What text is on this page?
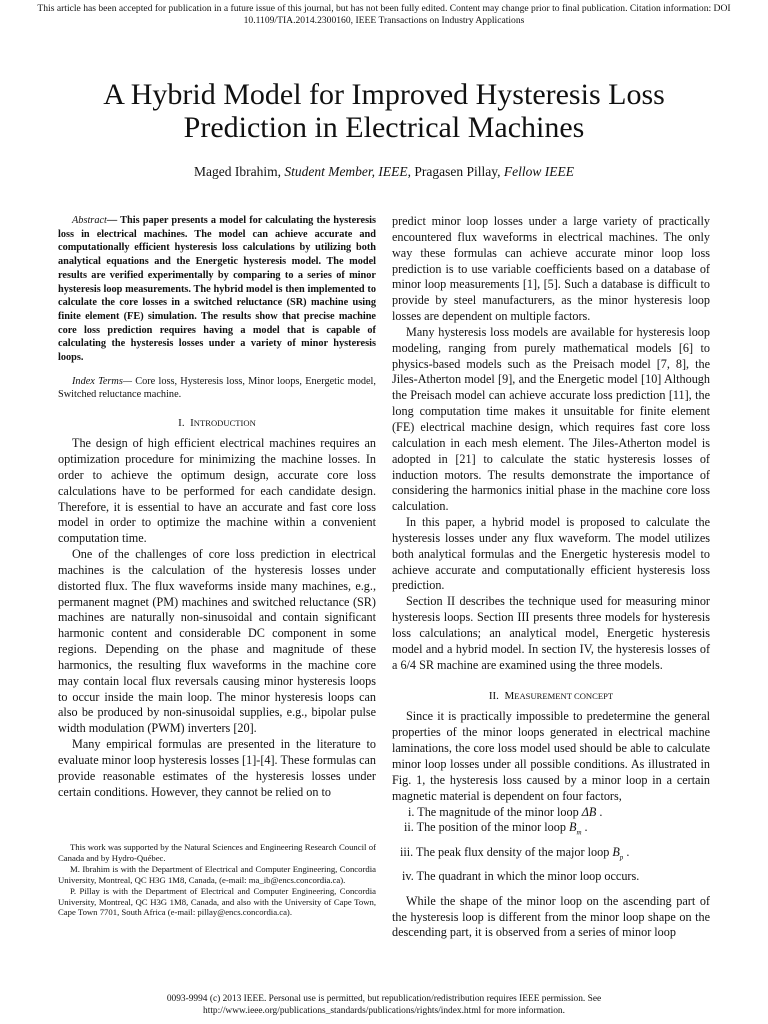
This article has been accepted for publication in a future issue of this journal, but has not been fully edited. Content may change prior to final publication. Citation information: DOI
10.1109/TIA.2014.2300160, IEEE Transactions on Industry Applications
A Hybrid Model for Improved Hysteresis Loss
Prediction in Electrical Machines
Maged Ibrahim, Student Member, IEEE, Pragasen Pillay, Fellow IEEE

Abstract— This paper presents a model for calculating the hysteresis loss in electrical machines. The model can achieve accurate and computationally efficient hysteresis loss calculations by utilizing both analytical equations and the Energetic hysteresis model. The model results are verified experimentally by comparing to a series of minor hysteresis loop measurements. The hybrid model is then implemented to calculate the core losses in a switched reluctance (SR) machine using finite element (FE) simulation. The results show that precise machine core loss prediction requires having a model that is capable of calculating the hysteresis losses under a variety of minor hysteresis loops.

Index Terms— Core loss, Hysteresis loss, Minor loops, Energetic model, Switched reluctance machine.

I. INTRODUCTION

The design of high efficient electrical machines requires an optimization procedure for minimizing the machine losses. In order to achieve the optimum design, accurate core loss calculations have to be performed for each candidate design. Therefore, it is essential to have an accurate and fast core loss model in order to optimize the machine within a convenient computation time.

One of the challenges of core loss prediction in electrical machines is the calculation of the hysteresis losses under distorted flux. The flux waveforms inside many machines, e.g., permanent magnet (PM) machines and switched reluctance (SR) machines are naturally non-sinusoidal and contain significant harmonic content and considerable DC component in some regions. Depending on the phase and magnitude of these harmonics, the resulting flux waveforms in the machine core may contain local flux reversals causing minor hysteresis loops to occur inside the main loop. The minor hysteresis loops can also be produced by non-sinusoidal supplies, e.g., bipolar pulse width modulation (PWM) inverters [20].

Many empirical formulas are presented in the literature to evaluate minor loop hysteresis losses [1]-[4]. These formulas can provide reasonable estimates of the hysteresis losses under certain conditions. However, they cannot be relied on to

This work was supported by the Natural Sciences and Engineering Research Council of Canada and by Hydro-Québec.

M. Ibrahim is with the Department of Electrical and Computer Engineering, Concordia University, Montreal, QC H3G 1M8, Canada, (e-mail: ma_ib@encs.concordia.ca).

P. Pillay is with the Department of Electrical and Computer Engineering, Concordia University, Montreal, QC H3G 1M8, Canada, and also with the University of Cape Town, Cape Town 7701, South Africa (e-mail: pillay@encs.concordia.ca).

predict minor loop losses under a large variety of practically encountered flux waveforms in electrical machines. The only way these formulas can achieve accurate minor loop loss prediction is to use variable coefficients based on a database of minor loop measurements [1], [5]. Such a database is difficult to provide by steel manufacturers, as the minor hysteresis loop losses are dependent on multiple factors.

Many hysteresis loss models are available for hysteresis loop modeling, ranging from purely mathematical models [6] to physics-based models such as the Preisach model [7, 8], the Jiles-Atherton model [9], and the Energetic model [10] Although the Preisach model can achieve accurate loss prediction [11], the long computation time makes it unsuitable for finite element (FE) electrical machine design, which requires fast core loss calculation in each mesh element. The Jiles-Atherton model is adopted in [21] to calculate the static hysteresis losses of induction motors. The results demonstrate the importance of considering the harmonics initial phase in the machine core loss calculation.

In this paper, a hybrid model is proposed to calculate the hysteresis losses under any flux waveform. The model utilizes both analytical formulas and the Energetic hysteresis model to achieve accurate and computationally efficient hysteresis loss prediction.

Section II describes the technique used for measuring minor hysteresis loops. Section III presents three models for hysteresis loss calculations; an analytical model, Energetic hysteresis model and a hybrid model. In section IV, the hysteresis losses of a 6/4 SR machine are examined using the three models.

II. MEASUREMENT CONCEPT

Since it is practically impossible to predetermine the general properties of the minor loops generated in electrical machine laminations, the core loss model used should be able to calculate minor loop losses under all possible conditions. As illustrated in Fig. 1, the hysteresis loss caused by a minor loop in a certain magnetic material is dependent on four factors,

i. The magnitude of the minor loop ΔB .
ii. The position of the minor loop $B_m$ .
iii. The peak flux density of the major loop $B_p$ .
iv. The quadrant in which the minor loop occurs.

While the shape of the minor loop on the ascending part of the hysteresis loop is different from the minor loop shape on the descending part, it is observed from a series of minor loop

0093-9994 (c) 2013 IEEE. Personal use is permitted, but republication/redistribution requires IEEE permission. See
http://www.ieee.org/publications_standards/publications/rights/index.html for more information.
